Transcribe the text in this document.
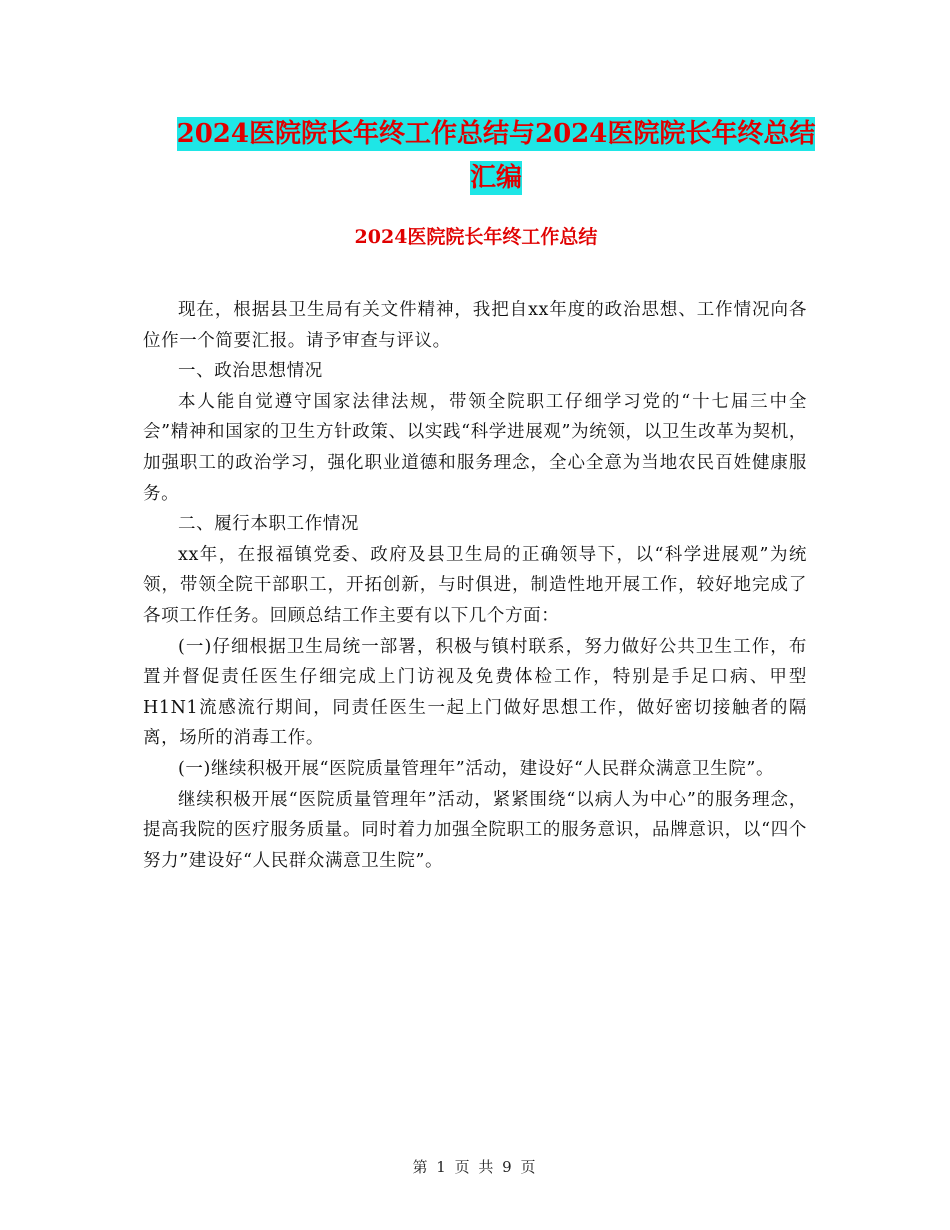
2024医院院长年终工作总结与2024医院院长年终总结
汇编
2024医院院长年终工作总结

现在，根据县卫生局有关文件精神，我把自xx年度的政治思想、工作情况向各位作一个简要汇报。请予审查与评议。

一、政治思想情况

本人能自觉遵守国家法律法规，带领全院职工仔细学习党的“十七届三中全会”精神和国家的卫生方针政策、以实践“科学进展观”为统领，以卫生改革为契机，加强职工的政治学习，强化职业道德和服务理念，全心全意为当地农民百姓健康服务。

二、履行本职工作情况

xx年，在报福镇党委、政府及县卫生局的正确领导下，以“科学进展观”为统领，带领全院干部职工，开拓创新，与时俱进，制造性地开展工作，较好地完成了各项工作任务。回顾总结工作主要有以下几个方面：

(一)仔细根据卫生局统一部署，积极与镇村联系，努力做好公共卫生工作，布置并督促责任医生仔细完成上门访视及免费体检工作，特别是手足口病、甲型H1N1流感流行期间，同责任医生一起上门做好思想工作，做好密切接触者的隔离，场所的消毒工作。

(一)继续积极开展“医院质量管理年”活动，建设好“人民群众满意卫生院”。

继续积极开展“医院质量管理年”活动，紧紧围绕“以病人为中心”的服务理念，提高我院的医疗服务质量。同时着力加强全院职工的服务意识，品牌意识，以“四个努力”建设好“人民群众满意卫生院”。

第 1 页 共 9 页
